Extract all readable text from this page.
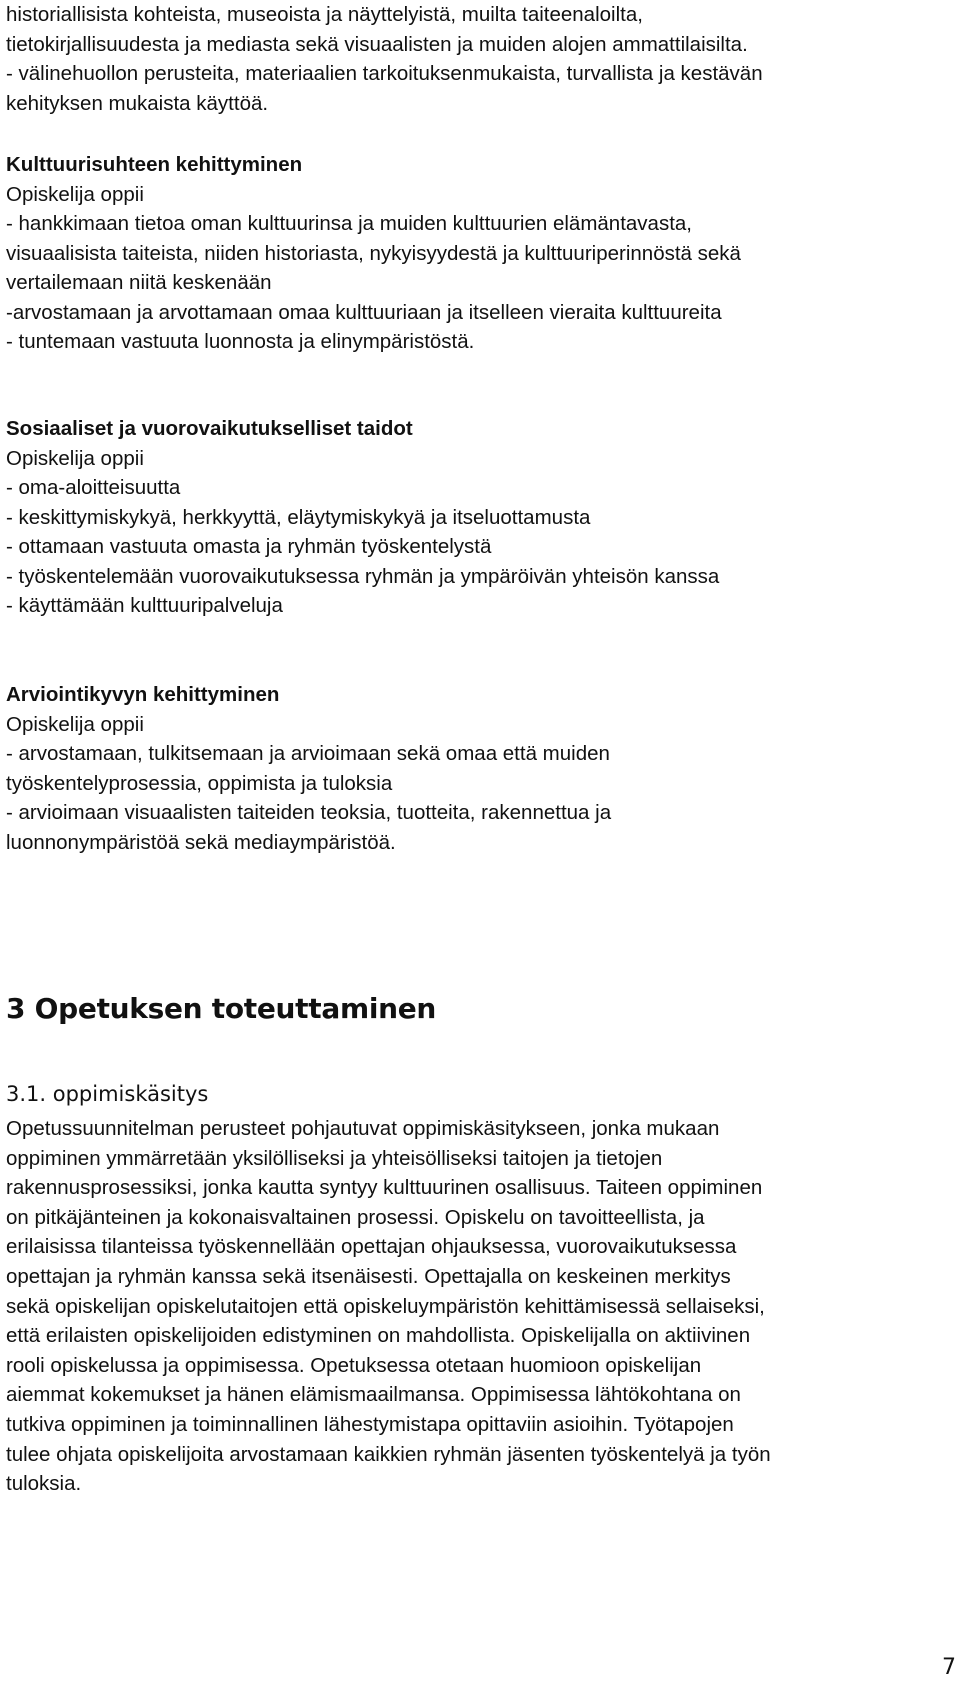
historiallisista kohteista, museoista ja näyttelyistä, muilta taiteenaloilta,
tietokirjallisuudesta ja mediasta sekä visuaalisten ja muiden alojen ammattilaisilta.
- välinehuollon perusteita, materiaalien tarkoituksenmukaista, turvallista ja kestävän
kehityksen mukaista käyttöä.
Kulttuurisuhteen kehittyminen
Opiskelija oppii
- hankkimaan tietoa oman kulttuurinsa ja muiden kulttuurien elämäntavasta,
visuaalisista taiteista, niiden historiasta, nykyisyydestä ja kulttuuriperinnöstä sekä
vertailemaan niitä keskenään
-arvostamaan ja arvottamaan omaa kulttuuriaan ja itselleen vieraita kulttuureita
- tuntemaan vastuuta luonnosta ja elinympäristöstä.
Sosiaaliset ja vuorovaikutukselliset taidot
Opiskelija oppii
- oma-aloitteisuutta
- keskittymiskykyä, herkkyyttä, eläytymiskykyä ja itseluottamusta
- ottamaan vastuuta omasta ja ryhmän työskentelystä
- työskentelemään vuorovaikutuksessa ryhmän ja ympäröivän yhteisön kanssa
- käyttämään kulttuuripalveluja
Arviointikyvyn kehittyminen
Opiskelija oppii
- arvostamaan, tulkitsemaan ja arvioimaan sekä omaa että muiden
työskentelyprosessia, oppimista ja tuloksia
- arvioimaan visuaalisten taiteiden teoksia, tuotteita, rakennettua ja
luonnonympäristöä sekä mediaympäristöä.
3 Opetuksen toteuttaminen
3.1. oppimiskäsitys
Opetussuunnitelman perusteet pohjautuvat oppimiskäsitykseen, jonka mukaan
oppiminen ymmärretään yksilölliseksi ja yhteisölliseksi taitojen ja tietojen
rakennusprosessiksi, jonka kautta syntyy kulttuurinen osallisuus. Taiteen oppiminen
on pitkäjänteinen ja kokonaisvaltainen prosessi. Opiskelu on tavoitteellista, ja
erilaisissa tilanteissa työskennellään opettajan ohjauksessa, vuorovaikutuksessa
opettajan ja ryhmän kanssa sekä itsenäisesti. Opettajalla on keskeinen merkitys
sekä opiskelijan opiskelutaitojen että opiskeluympäristön kehittämisessä sellaiseksi,
että erilaisten opiskelijoiden edistyminen on mahdollista. Opiskelijalla on aktiivinen
rooli opiskelussa ja oppimisessa. Opetuksessa otetaan huomioon opiskelijan
aiemmat kokemukset ja hänen elämismaailmansa. Oppimisessa lähtökohtana on
tutkiva oppiminen ja toiminnallinen lähestymistapa opittaviin asioihin. Työtapojen
tulee ohjata opiskelijoita arvostamaan kaikkien ryhmän jäsenten työskentelyä ja työn
tuloksia.
7
